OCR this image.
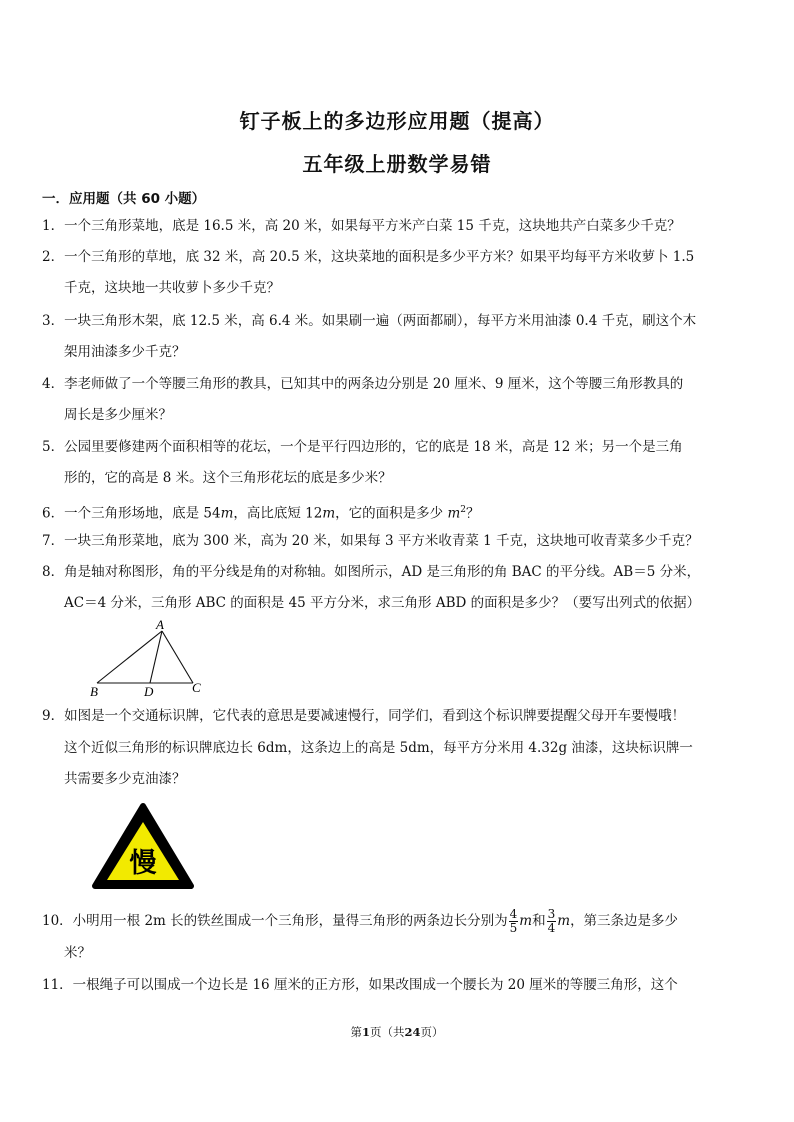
钉子板上的多边形应用题（提高）
五年级上册数学易错
一．应用题（共 60 小题）
1．一个三角形菜地，底是 16.5 米，高 20 米，如果每平方米产白菜 15 千克，这块地共产白菜多少千克？
2．一个三角形的草地，底 32 米，高 20.5 米，这块菜地的面积是多少平方米？如果平均每平方米收萝卜 1.5
千克，这块地一共收萝卜多少千克？
3．一块三角形木架，底 12.5 米，高 6.4 米。如果刷一遍（两面都刷），每平方米用油漆 0.4 千克，刷这个木
架用油漆多少千克？
4．李老师做了一个等腰三角形的教具，已知其中的两条边分别是 20 厘米、9 厘米，这个等腰三角形教具的
周长是多少厘米？
5．公园里要修建两个面积相等的花坛，一个是平行四边形的，它的底是 18 米，高是 12 米；另一个是三角
形的，它的高是 8 米。这个三角形花坛的底是多少米？
6．一个三角形场地，底是 54m，高比底短 12m，它的面积是多少 $m^2$？
7．一块三角形菜地，底为 300 米，高为 20 米，如果每 3 平方米收青菜 1 千克，这块地可收青菜多少千克？
8．角是轴对称图形，角的平分线是角的对称轴。如图所示，AD 是三角形的角 BAC 的平分线。AB＝5 分米，
AC＝4 分米，三角形 ABC 的面积是 45 平方分米，求三角形 ABD 的面积是多少？（要写出列式的依据）
A
B	D	C
9．如图是一个交通标识牌，它代表的意思是要减速慢行，同学们，看到这个标识牌要提醒父母开车要慢哦！
这个近似三角形的标识牌底边长 6dm，这条边上的高是 5dm，每平方分米用 4.32g 油漆，这块标识牌一
共需要多少克油漆？
慢
10．小明用一根 2m 长的铁丝围成一个三角形，量得三角形的两条边长分别为 $\frac{4}{5}$ m和 $\frac{3}{4}$ m，第三条边是多少
米？
11．一根绳子可以围成一个边长是 16 厘米的正方形，如果改围成一个腰长为 20 厘米的等腰三角形，这个
第1页（共24页）
